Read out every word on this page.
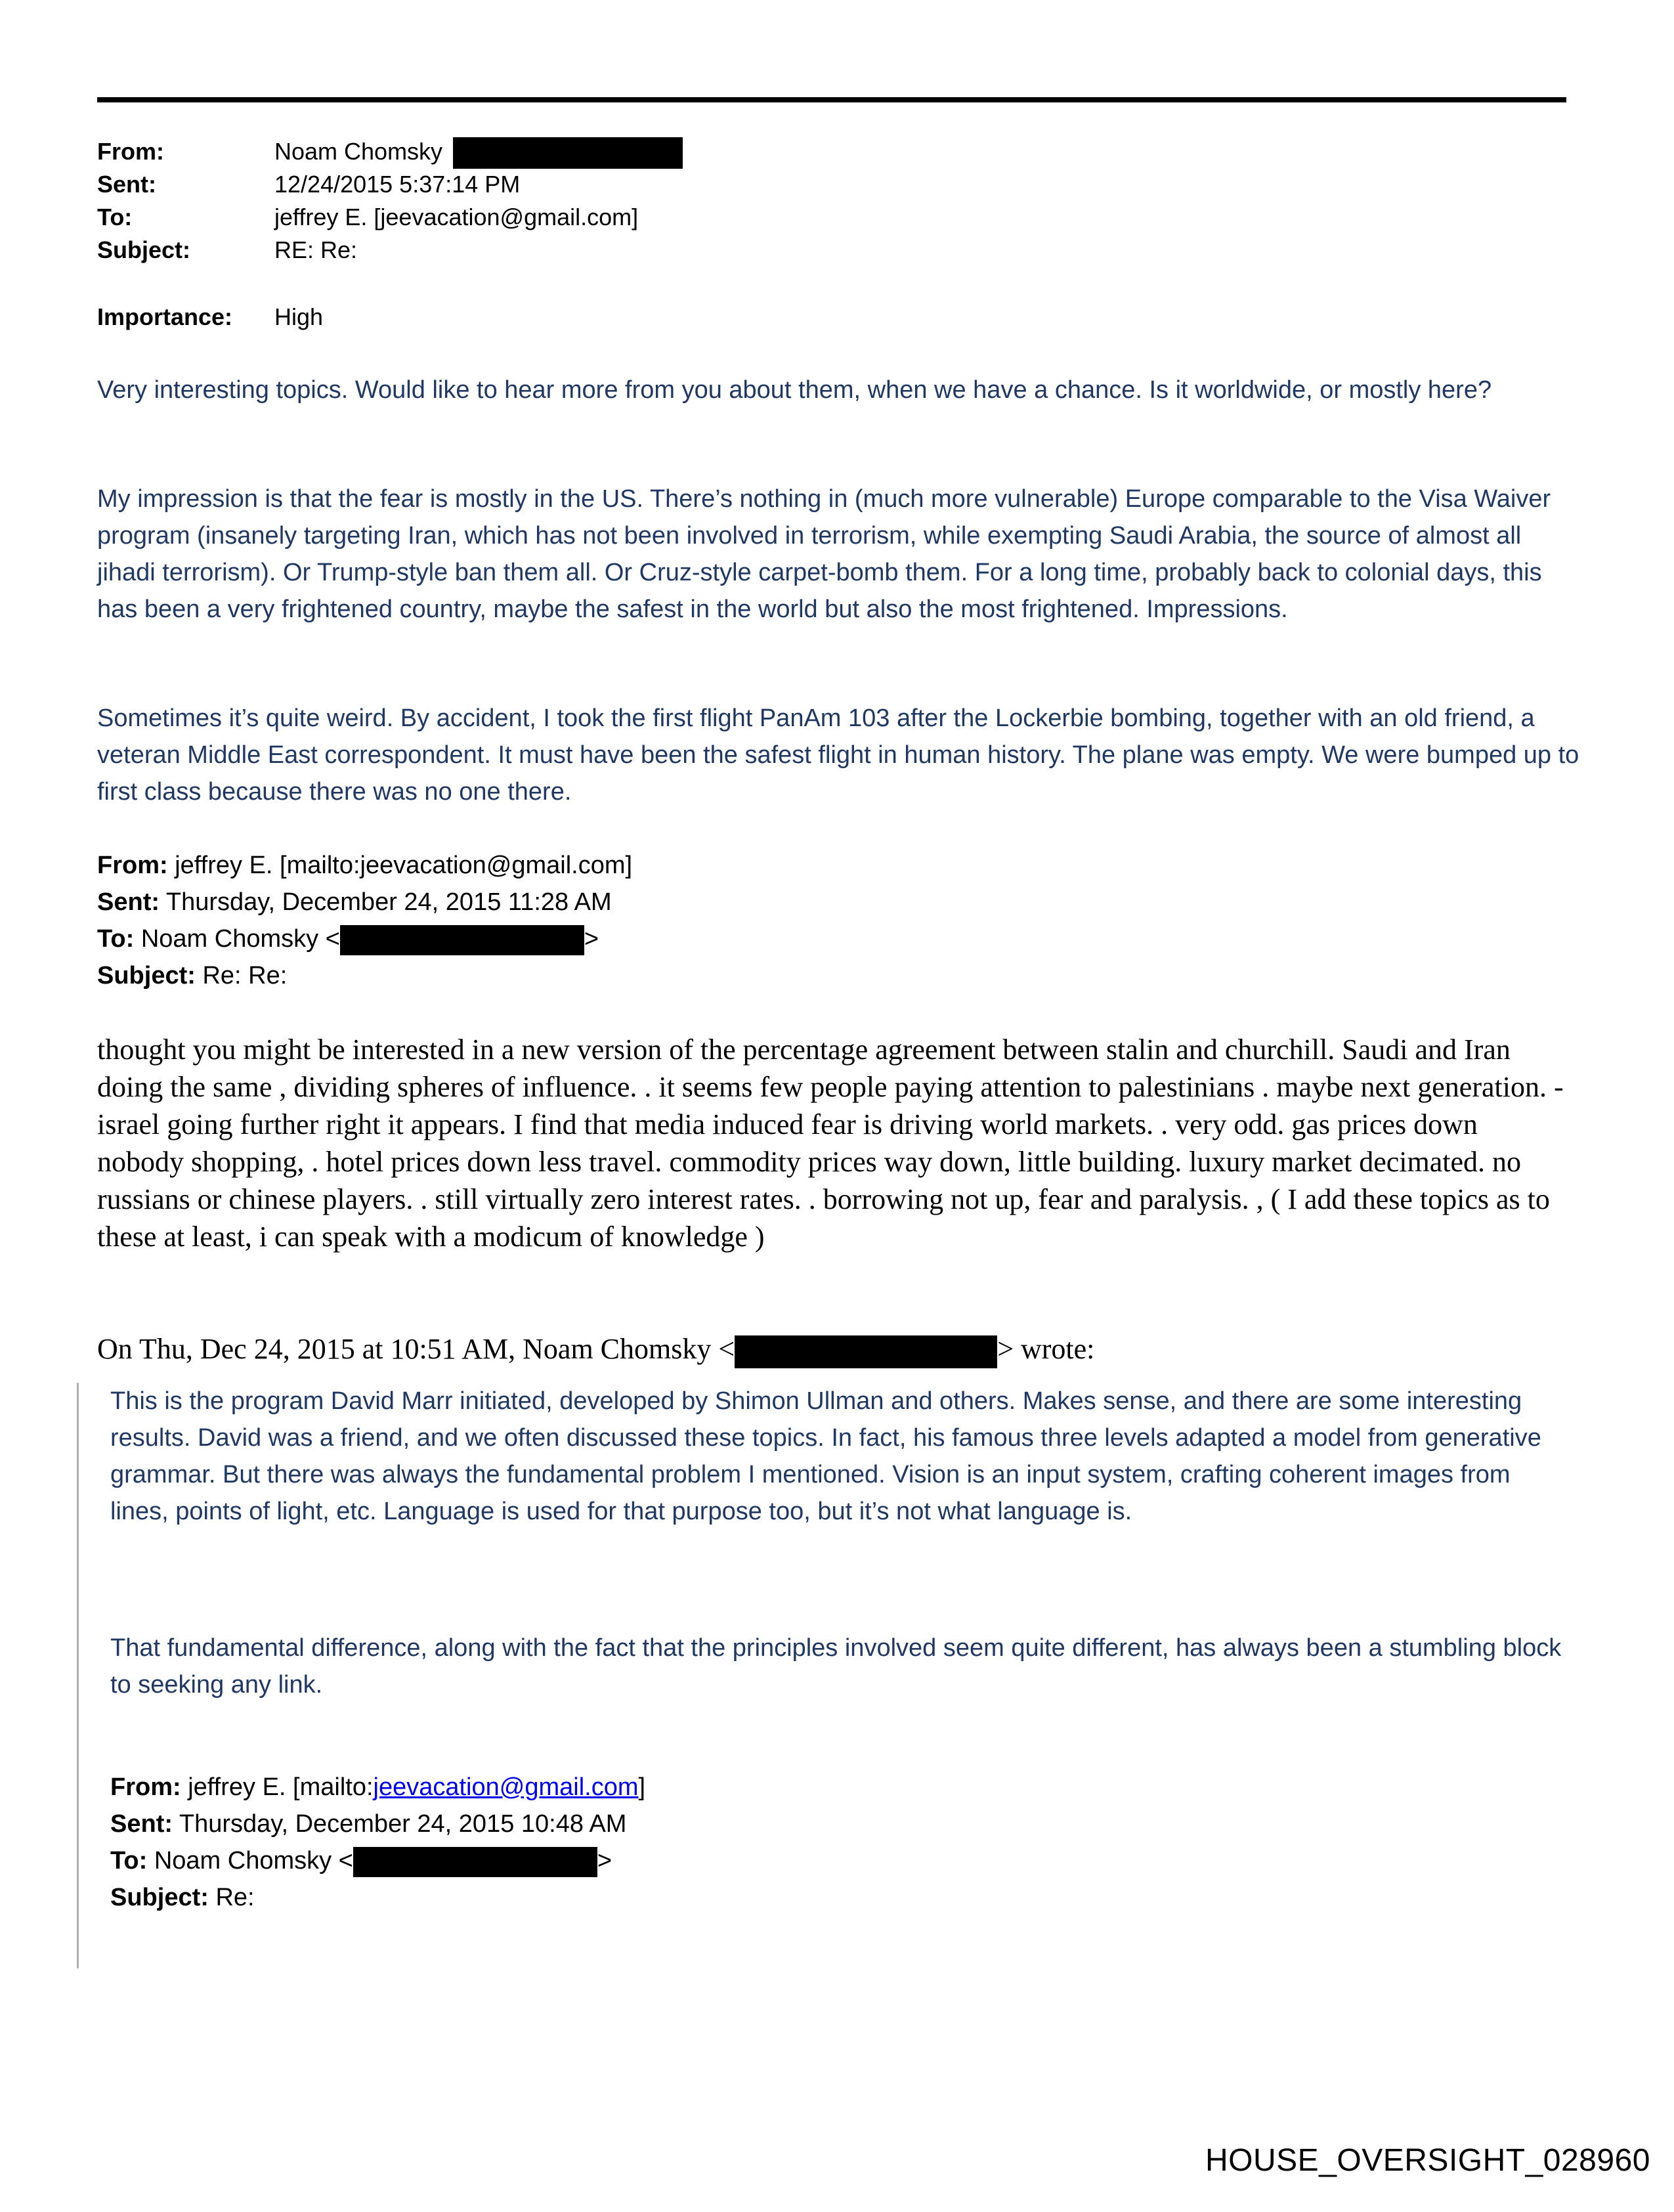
From:	Noam Chomsky
Sent:	12/24/2015 5:37:14 PM
To:	jeffrey E. [jeevacation@gmail.com]
Subject:	RE: Re:
Importance: High

Very interesting topics. Would like to hear more from you about them, when we have a chance. Is it worldwide, or mostly here?

My impression is that the fear is mostly in the US. There’s nothing in (much more vulnerable) Europe comparable to the Visa Waiver program (insanely targeting Iran, which has not been involved in terrorism, while exempting Saudi Arabia, the source of almost all jihadi terrorism). Or Trump-style ban them all. Or Cruz-style carpet-bomb them. For a long time, probably back to colonial days, this has been a very frightened country, maybe the safest in the world but also the most frightened. Impressions.

Sometimes it’s quite weird. By accident, I took the first flight PanAm 103 after the Lockerbie bombing, together with an old friend, a veteran Middle East correspondent. It must have been the safest flight in human history. The plane was empty. We were bumped up to first class because there was no one there.

From: jeffrey E. [mailto:jeevacation@gmail.com]
Sent: Thursday, December 24, 2015 11:28 AM
To: Noam Chomsky <	>
Subject: Re: Re:

thought you might be interested in a new version of the percentage agreement between stalin and churchill. Saudi and Iran doing the same , dividing spheres of influence. . it seems few people paying attention to palestinians . maybe next generation. - israel going further right it appears. I find that media induced fear is driving world markets. . very odd. gas prices down nobody shopping, . hotel prices down less travel. commodity prices way down, little building. luxury market decimated. no russians or chinese players. . still virtually zero interest rates. . borrowing not up, fear and paralysis. , ( I add these topics as to these at least, i can speak with a modicum of knowledge )

On Thu, Dec 24, 2015 at 10:51 AM, Noam Chomsky <	> wrote:

This is the program David Marr initiated, developed by Shimon Ullman and others. Makes sense, and there are some interesting results. David was a friend, and we often discussed these topics. In fact, his famous three levels adapted a model from generative grammar. But there was always the fundamental problem I mentioned. Vision is an input system, crafting coherent images from lines, points of light, etc. Language is used for that purpose too, but it’s not what language is.

That fundamental difference, along with the fact that the principles involved seem quite different, has always been a stumbling block to seeking any link.

From: jeffrey E. [mailto:jeevacation@gmail.com]
Sent: Thursday, December 24, 2015 10:48 AM
To: Noam Chomsky <	>
Subject: Re:
HOUSE_OVERSIGHT_028960
